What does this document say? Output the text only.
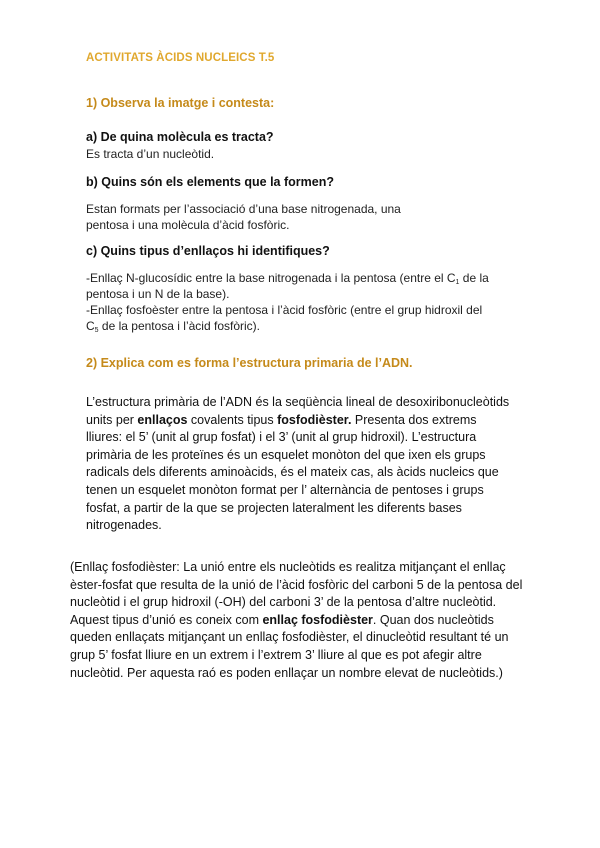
ACTIVITATS ÀCIDS NUCLEICS T.5
1) Observa la imatge i contesta:
a) De quina molècula es tracta?
Es tracta d’un nucleòtid.
b) Quins són els elements que la formen?
Estan formats per l’associació d’una base nitrogenada, una pentosa i una molècula d’àcid fosfòric.
c) Quins tipus d’enllaços hi identifiques?
-Enllaç N-glucosídic entre la base nitrogenada i la pentosa (entre el $C_1$ de la pentosa i un N de la base).
-Enllaç fosfoèster entre la pentosa i l’àcid fosfòric (entre el grup hidroxil del $C_5$ de la pentosa i l’àcid fosfòric).
2) Explica com es forma l’estructura primaria de l’ADN.
L’estructura primària de l’ADN és la seqüència lineal de desoxiribonucleòtids units per enllaços covalents tipus fosfodièster. Presenta dos extrems lliures: el 5’ (unit al grup fosfat) i el 3’ (unit al grup hidroxil). L’estructura primària de les proteïnes és un esquelet monòton del que ixen els grups radicals dels diferents aminoàcids, és el mateix cas, als àcids nucleics que tenen un esquelet monòton format per l’ alternància de pentoses i grups fosfat, a partir de la que se projecten lateralment les diferents bases nitrogenades.
(Enllaç fosfodièster: La unió entre els nucleòtids es realitza mitjançant el enllaç èster-fosfat que resulta de la unió de l’àcid fosfòric del carboni 5 de la pentosa del nucleòtid i el grup hidroxil (-OH) del carboni 3’ de la pentosa d’altre nucleòtid. Aquest tipus d’unió es coneix com enllaç fosfodièster. Quan dos nucleòtids queden enllaçats mitjançant un enllaç fosfodièster, el dinucleòtid resultant té un grup 5’ fosfat lliure en un extrem i l’extrem 3’ lliure al que es pot afegir altre nucleòtid. Per aquesta raó es poden enllaçar un nombre elevat de nucleòtids.)
